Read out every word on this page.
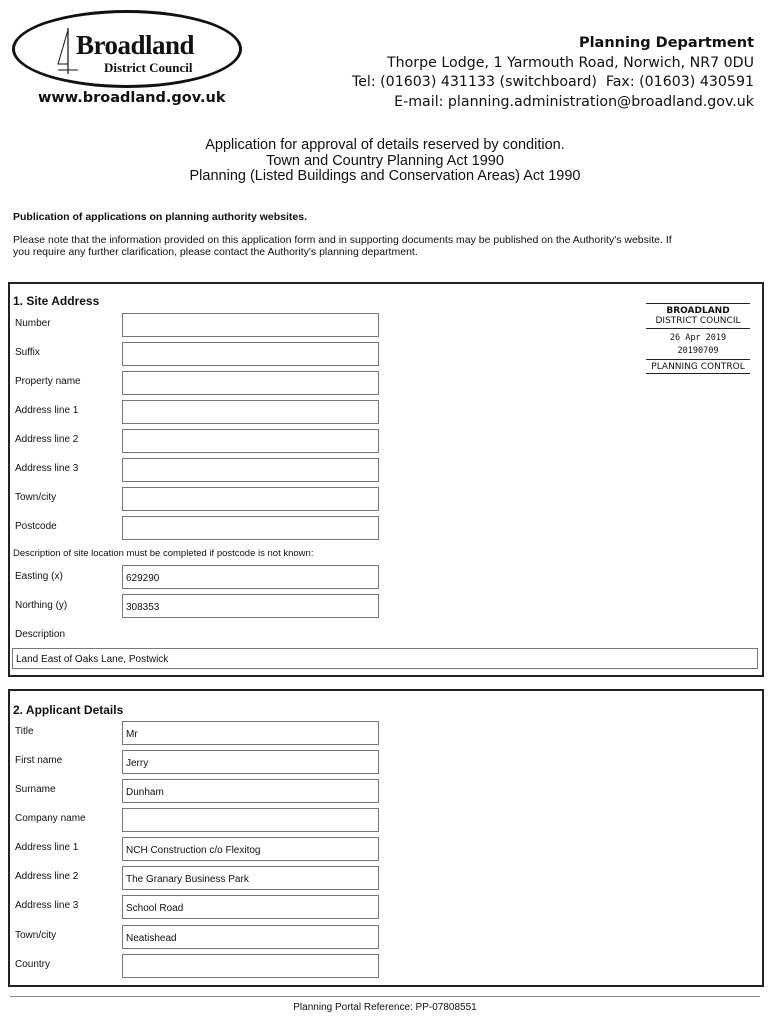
Broadland
District Council
www.broadland.gov.uk
Planning Department
Thorpe Lodge, 1 Yarmouth Road, Norwich, NR7 0DU
Tel: (01603) 431133 (switchboard)  Fax: (01603) 430591
E-mail: planning.administration@broadland.gov.uk
Application for approval of details reserved by condition.
Town and Country Planning Act 1990
Planning (Listed Buildings and Conservation Areas) Act 1990
Publication of applications on planning authority websites.
Please note that the information provided on this application form and in supporting documents may be published on the Authority's website. If
you require any further clarification, please contact the Authority's planning department.
1. Site Address
Number
Suffix
Property name
Address line 1
Address line 2
Address line 3
Town/city
Postcode
Description of site location must be completed if postcode is not known:
Easting (x)	629290
Northing (y)	308353
Description
Land East of Oaks Lane, Postwick
BROADLAND
DISTRICT COUNCIL
26 Apr 2019
20190709
PLANNING CONTROL
2. Applicant Details
Title	Mr
First name	Jerry
Surname	Dunham
Company name
Address line 1	NCH Construction c/o Flexitog
Address line 2	The Granary Business Park
Address line 3	School Road
Town/city	Neatishead
Country
Planning Portal Reference: PP-07808551
